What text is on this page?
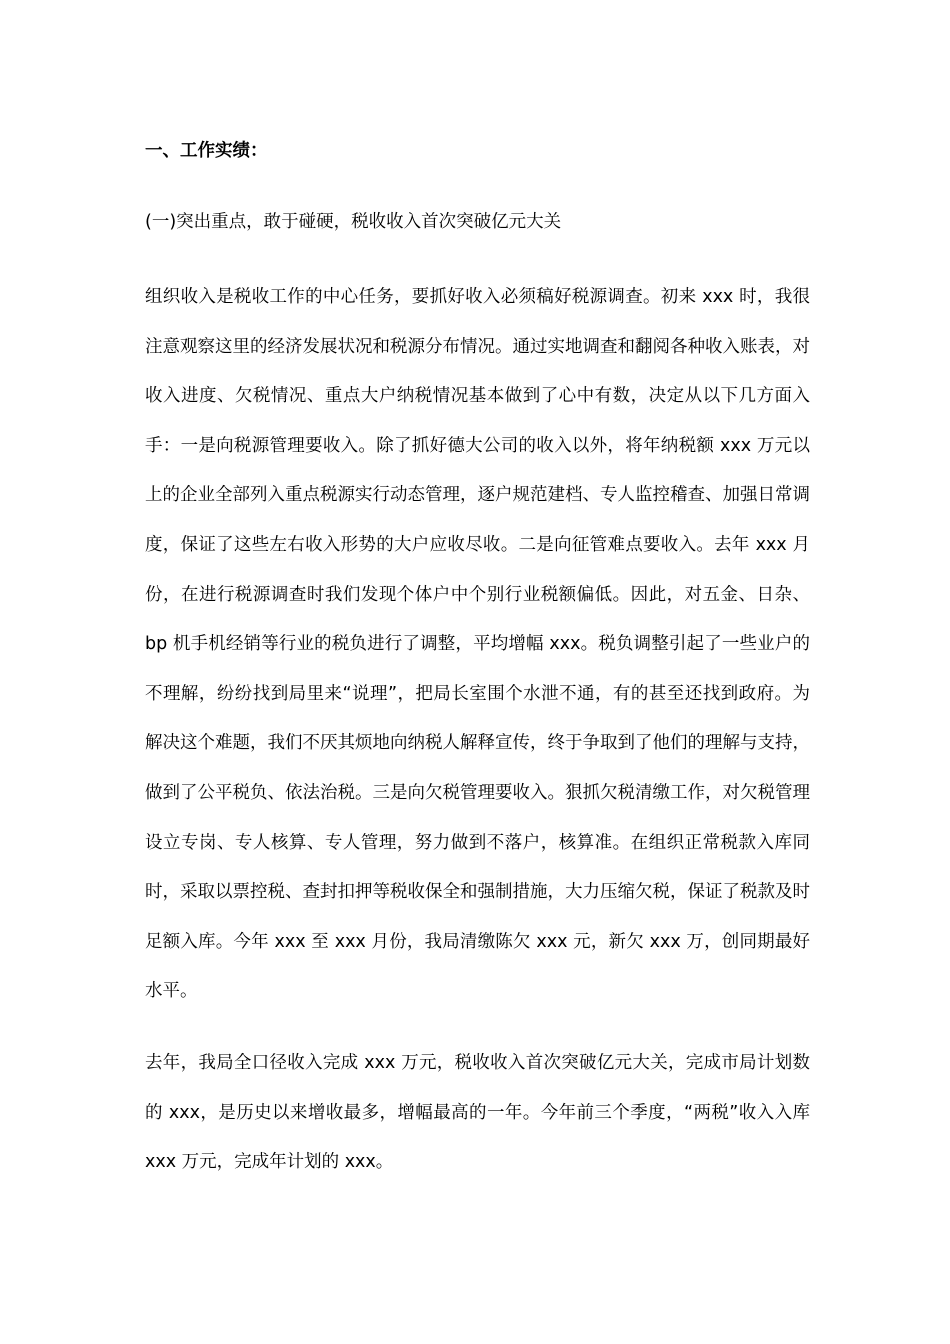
一、工作实绩：

(一)突出重点，敢于碰硬，税收收入首次突破亿元大关

组织收入是税收工作的中心任务，要抓好收入必须稿好税源调查。初来 xxx 时，我很注意观察这里的经济发展状况和税源分布情况。通过实地调查和翻阅各种收入账表，对收入进度、欠税情况、重点大户纳税情况基本做到了心中有数，决定从以下几方面入手：一是向税源管理要收入。除了抓好德大公司的收入以外，将年纳税额 xxx 万元以上的企业全部列入重点税源实行动态管理，逐户规范建档、专人监控稽查、加强日常调度，保证了这些左右收入形势的大户应收尽收。二是向征管难点要收入。去年 xxx 月份，在进行税源调查时我们发现个体户中个别行业税额偏低。因此，对五金、日杂、bp 机手机经销等行业的税负进行了调整，平均增幅 xxx。税负调整引起了一些业户的不理解，纷纷找到局里来“说理”，把局长室围个水泄不通，有的甚至还找到政府。为解决这个难题，我们不厌其烦地向纳税人解释宣传，终于争取到了他们的理解与支持，做到了公平税负、依法治税。三是向欠税管理要收入。狠抓欠税清缴工作，对欠税管理设立专岗、专人核算、专人管理，努力做到不落户，核算准。在组织正常税款入库同时，采取以票控税、查封扣押等税收保全和强制措施，大力压缩欠税，保证了税款及时足额入库。今年 xxx 至 xxx 月份，我局清缴陈欠 xxx 元，新欠 xxx 万，创同期最好水平。

去年，我局全口径收入完成 xxx 万元，税收收入首次突破亿元大关，完成市局计划数的 xxx，是历史以来增收最多，增幅最高的一年。今年前三个季度，“两税”收入入库 xxx 万元，完成年计划的 xxx。
